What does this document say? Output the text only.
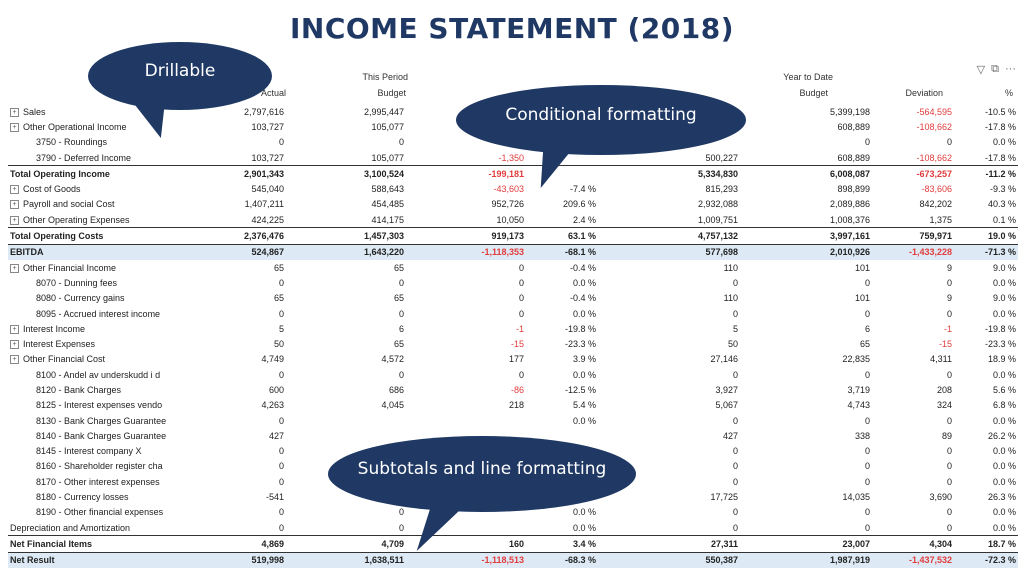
INCOME STATEMENT (2018)
▽ ⧉ ···
This Period	Year to Date
Actual	Budget	Budget	Deviation	%
+ Sales	2,797,616	2,995,447				5,399,198	-564,595	-10.5 %
+ Other Operational Income	103,727	105,077				608,889	-108,662	-17.8 %
3750 - Roundings	0	0				0	0	0.0 %
3790 - Deferred Income	103,727	105,077	-1,350		500,227	608,889	-108,662	-17.8 %
Total Operating Income	2,901,343	3,100,524	-199,181		5,334,830	6,008,087	-673,257	-11.2 %
+ Cost of Goods	545,040	588,643	-43,603	-7.4 %	815,293	898,899	-83,606	-9.3 %
+ Payroll and social Cost	1,407,211	454,485	952,726	209.6 %	2,932,088	2,089,886	842,202	40.3 %
+ Other Operating Expenses	424,225	414,175	10,050	2.4 %	1,009,751	1,008,376	1,375	0.1 %
Total Operating Costs	2,376,476	1,457,303	919,173	63.1 %	4,757,132	3,997,161	759,971	19.0 %
EBITDA	524,867	1,643,220	-1,118,353	-68.1 %	577,698	2,010,926	-1,433,228	-71.3 %
+ Other Financial Income	65	65	0	-0.4 %	110	101	9	9.0 %
8070 - Dunning fees	0	0	0	0.0 %	0	0	0	0.0 %
8080 - Currency gains	65	65	0	-0.4 %	110	101	9	9.0 %
8095 - Accrued interest income	0	0	0	0.0 %	0	0	0	0.0 %
+ Interest Income	5	6	-1	-19.8 %	5	6	-1	-19.8 %
+ Interest Expenses	50	65	-15	-23.3 %	50	65	-15	-23.3 %
+ Other Financial Cost	4,749	4,572	177	3.9 %	27,146	22,835	4,311	18.9 %
8100 - Andel av underskudd i d	0	0	0	0.0 %	0	0	0	0.0 %
8120 - Bank Charges	600	686	-86	-12.5 %	3,927	3,719	208	5.6 %
8125 - Interest expenses vendo	4,263	4,045	218	5.4 %	5,067	4,743	324	6.8 %
8130 - Bank Charges Guarantee	0			0.0 %	0	0	0	0.0 %
8140 - Bank Charges Guarantee	427				427	338	89	26.2 %
8145 - Interest company X	0				0	0	0	0.0 %
8160 - Shareholder register cha	0				0	0	0	0.0 %
8170 - Other interest expenses	0				0	0	0	0.0 %
8180 - Currency losses	-541				17,725	14,035	3,690	26.3 %
8190 - Other financial expenses	0	0		0.0 %	0	0	0	0.0 %
Depreciation and Amortization	0	0		0.0 %	0	0	0	0.0 %
Net Financial Items	4,869	4,709	160	3.4 %	27,311	23,007	4,304	18.7 %
Net Result	519,998	1,638,511	-1,118,513	-68.3 %	550,387	1,987,919	-1,437,532	-72.3 %
Drillable
Conditional formatting
Subtotals and line formatting
